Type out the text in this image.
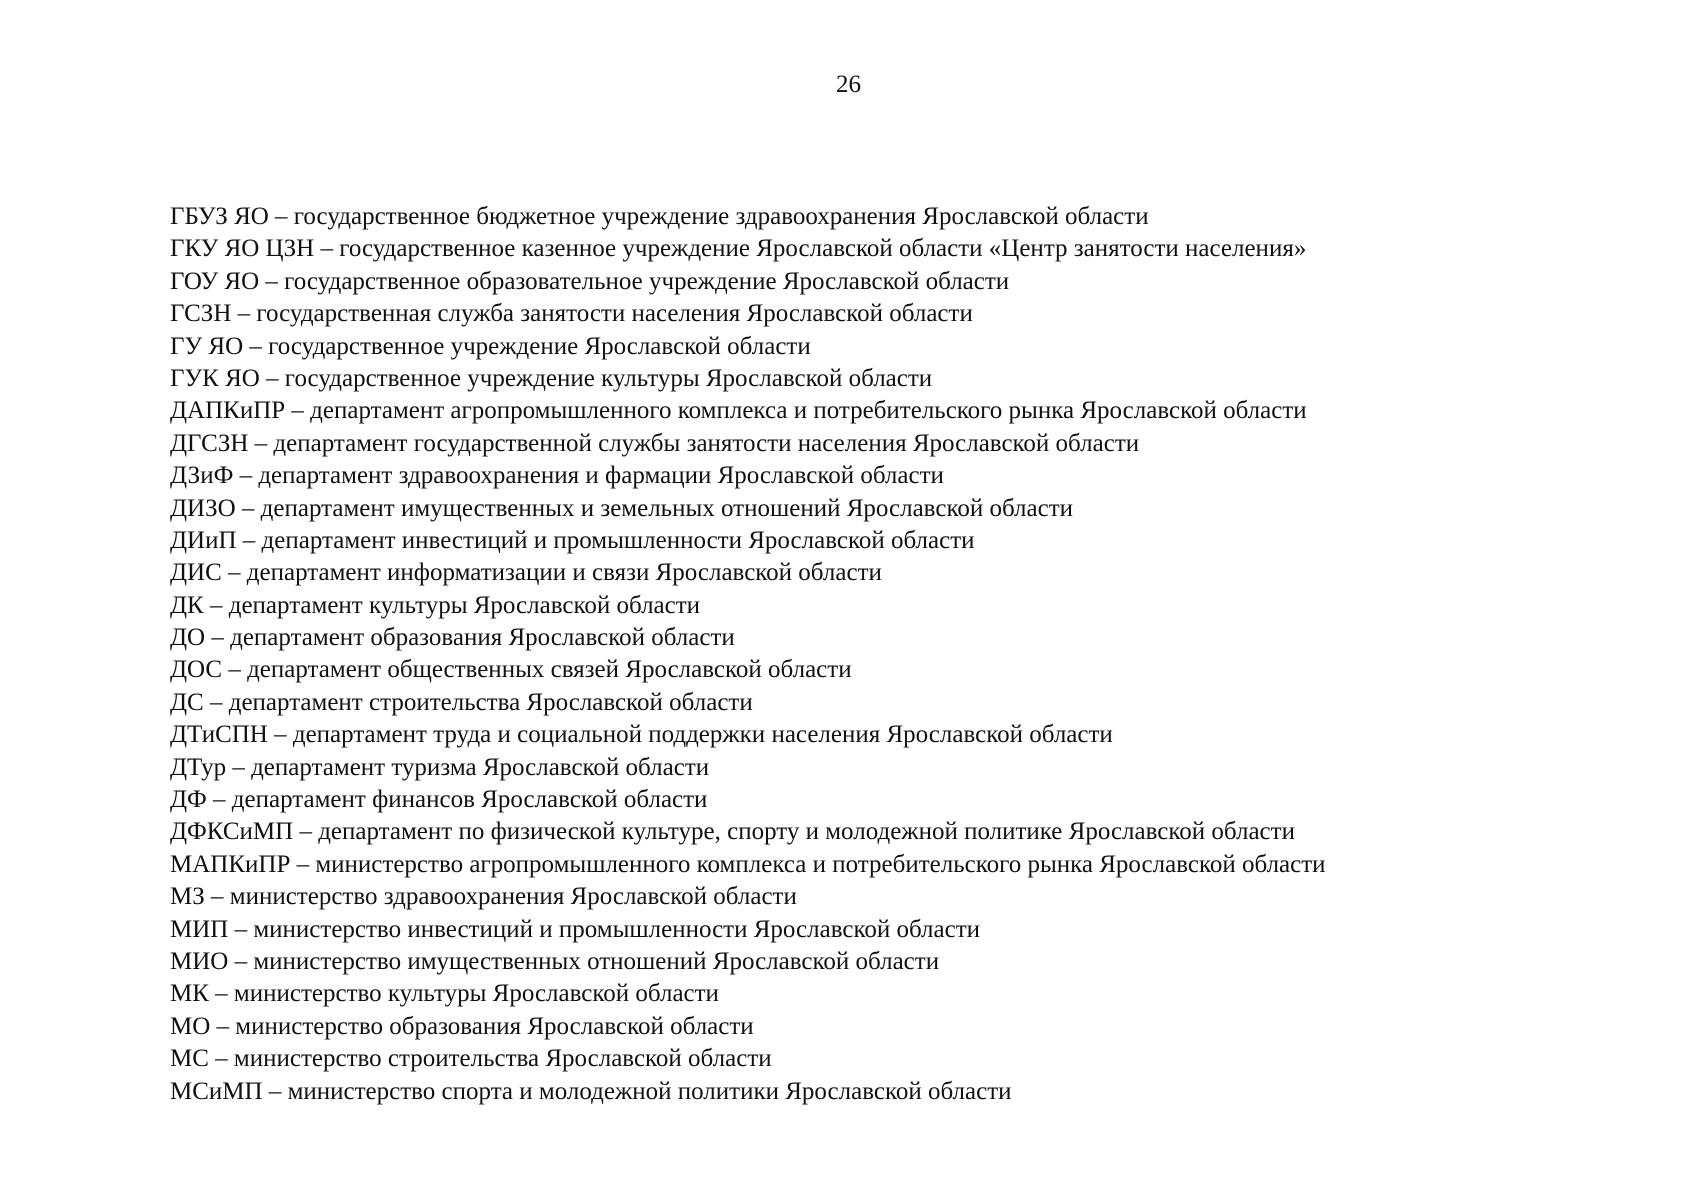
26
ГБУЗ ЯО – государственное бюджетное учреждение здравоохранения Ярославской области
ГКУ ЯО ЦЗН – государственное казенное учреждение Ярославской области «Центр занятости населения»
ГОУ ЯО – государственное образовательное учреждение Ярославской области
ГСЗН – государственная служба занятости населения Ярославской области
ГУ ЯО – государственное учреждение Ярославской области
ГУК ЯО – государственное учреждение культуры Ярославской области
ДАПКиПР – департамент агропромышленного комплекса и потребительского рынка Ярославской области
ДГСЗН – департамент государственной службы занятости населения Ярославской области
ДЗиФ – департамент здравоохранения и фармации Ярославской области
ДИЗО – департамент имущественных и земельных отношений Ярославской области
ДИиП – департамент инвестиций и промышленности Ярославской области
ДИС – департамент информатизации и связи Ярославской области
ДК – департамент культуры Ярославской области
ДО – департамент образования Ярославской области
ДОС – департамент общественных связей Ярославской области
ДС – департамент строительства Ярославской области
ДТиСПН – департамент труда и социальной поддержки населения Ярославской области
ДТур – департамент туризма Ярославской области
ДФ – департамент финансов Ярославской области
ДФКСиМП – департамент по физической культуре, спорту и молодежной политике Ярославской области
МАПКиПР – министерство агропромышленного комплекса и потребительского рынка Ярославской области
МЗ – министерство здравоохранения Ярославской области
МИП – министерство инвестиций и промышленности Ярославской области
МИО – министерство имущественных отношений Ярославской области
МК – министерство культуры Ярославской области
МО – министерство образования Ярославской области
МС – министерство строительства Ярославской области
МСиМП – министерство спорта и молодежной политики Ярославской области
